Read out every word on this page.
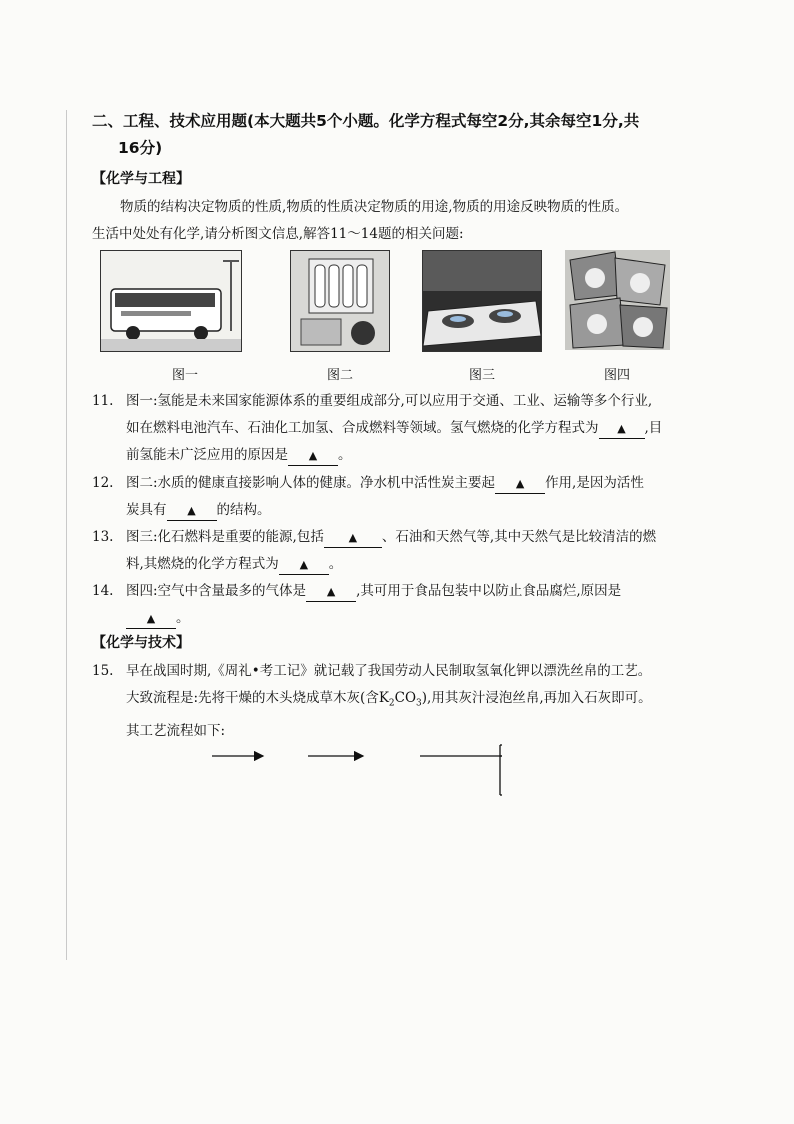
二、工程、技术应用题(本大题共5个小题。化学方程式每空2分,其余每空1分,共
16分)
【化学与工程】
物质的结构决定物质的性质,物质的性质决定物质的用途,物质的用途反映物质的性质。
生活中处处有化学,请分析图文信息,解答11～14题的相关问题:
图一	图二	图三	图四
11. 图一:氢能是未来国家能源体系的重要组成部分,可以应用于交通、工业、运输等多个行业,
如在燃料电池汽车、石油化工加氢、合成燃料等领域。氢气燃烧的化学方程式为 ▲ ,目
前氢能未广泛应用的原因是 ▲ 。
12. 图二:水质的健康直接影响人体的健康。净水机中活性炭主要起 ▲ 作用,是因为活性
炭具有 ▲ 的结构。
13. 图三:化石燃料是重要的能源,包括 ▲ 、石油和天然气等,其中天然气是比较清洁的燃
料,其燃烧的化学方程式为 ▲ 。
14. 图四:空气中含量最多的气体是 ▲ ,其可用于食品包装中以防止食品腐烂,原因是
▲ 。
【化学与技术】
15. 早在战国时期,《周礼•考工记》就记载了我国劳动人民制取氢氧化钾以漂洗丝帛的工艺。
大致流程是:先将干燥的木头烧成草木灰(含$K_2CO_3$),用其灰汁浸泡丝帛,再加入石灰即可。
其工艺流程如下:
